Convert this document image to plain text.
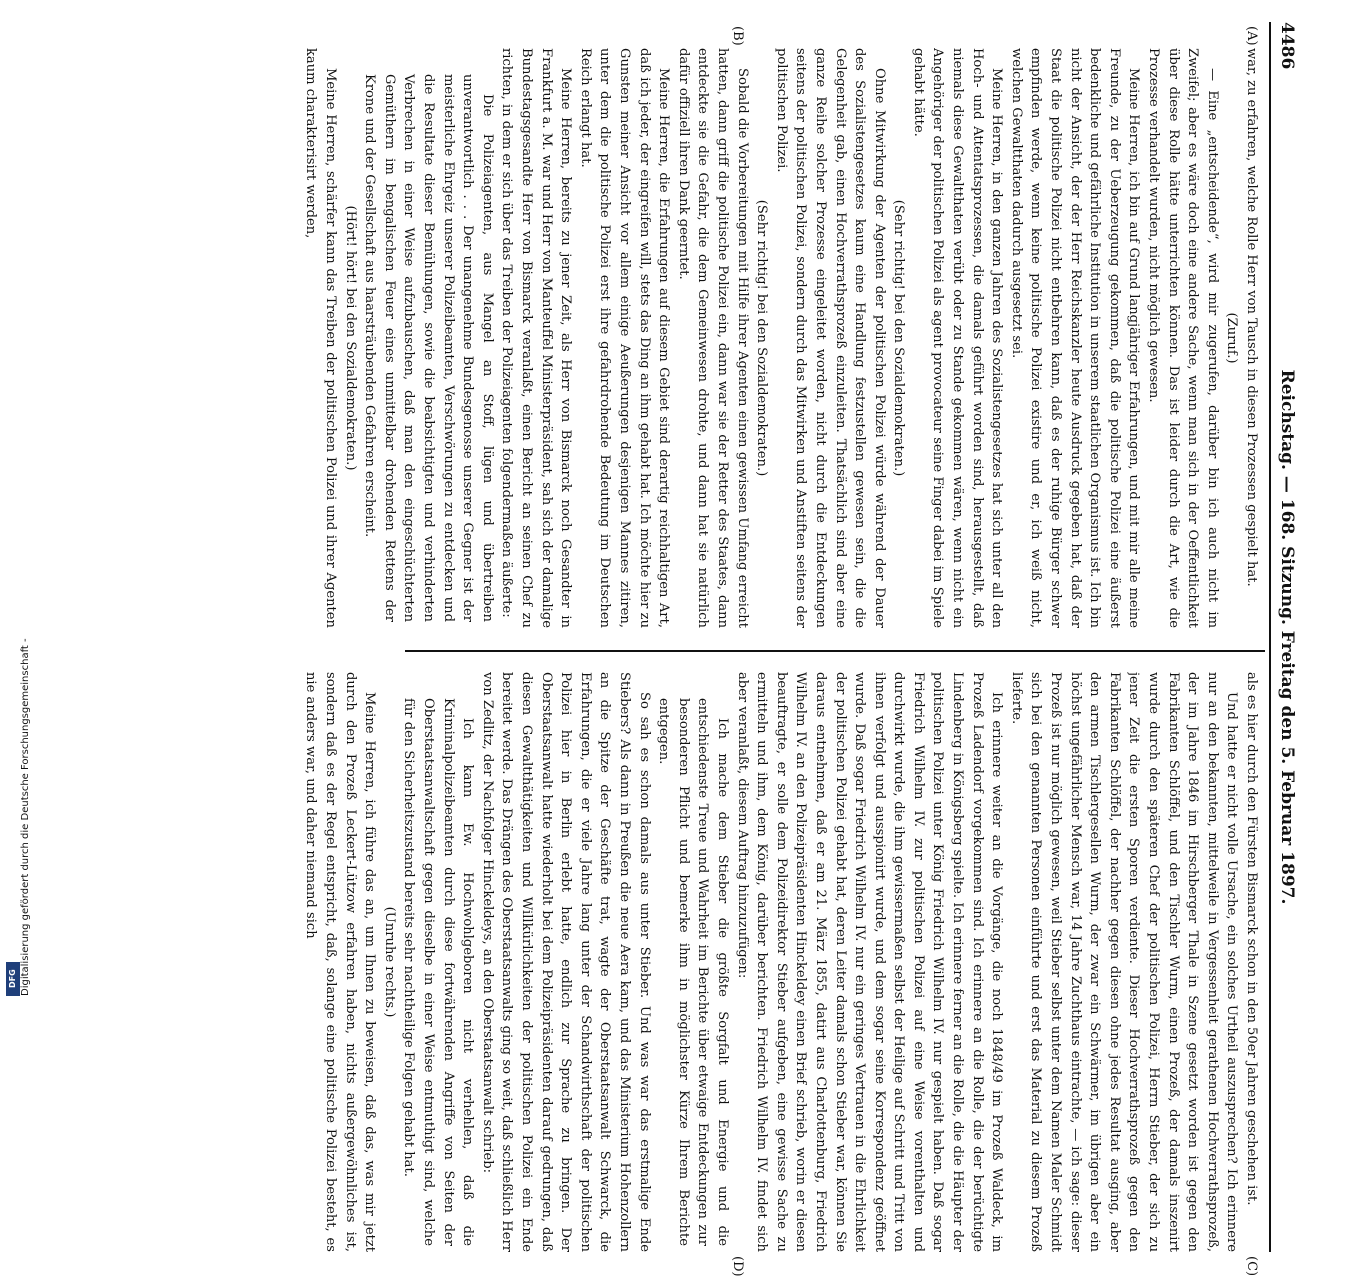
4486
Reichstag. — 168. Sitzung. Freitag den 5. Februar 1897.
(A)
(B)
(C)
(D)

war, zu erfahren, welche Rolle Herr von Tausch in diesen Prozessen gespielt hat.

(Zuruf.)

— Eine „entscheidende“, wird mir zugerufen, darüber bin ich auch nicht im Zweifel; aber es wäre doch eine andere Sache, wenn man sich in der Oeffentlichkeit über diese Rolle hätte unterrichten können. Das ist leider durch die Art, wie die Prozesse verhandelt wurden, nicht möglich gewesen.

Meine Herren, ich bin auf Grund langjähriger Erfahrungen, und mit mir alle meine Freunde, zu der Ueberzeugung gekommen, daß die politische Polizei eine äußerst bedenkliche und gefährliche Institution in unserem staatlichen Organismus ist. Ich bin nicht der Ansicht, der der Herr Reichskanzler heute Ausdruck gegeben hat, daß der Staat die politische Polizei nicht entbehren kann, daß es der ruhige Bürger schwer empfinden werde, wenn keine politische Polizei existire und er, ich weiß nicht, welchen Gewaltthaten dadurch ausgesetzt sei.

Meine Herren, in den ganzen Jahren des Sozialistengesetzes hat sich unter all den Hoch- und Attentatsprozessen, die damals geführt worden sind, herausgestellt, daß niemals diese Gewaltthaten verübt oder zu Stande gekommen wären, wenn nicht ein Angehöriger der politischen Polizei als agent provocateur seine Finger dabei im Spiele gehabt hätte.

(Sehr richtig! bei den Sozialdemokraten.)

Ohne Mitwirkung der Agenten der politischen Polizei würde während der Dauer des Sozialistengesetzes kaum eine Handlung festzustellen gewesen sein, die die Gelegenheit gab, einen Hochverrathsprozeß einzuleiten. Thatsächlich sind aber eine ganze Reihe solcher Prozesse eingeleitet worden, nicht durch die Entdeckungen seitens der politischen Polizei, sondern durch das Mitwirken und Anstiften seitens der politischen Polizei.

(Sehr richtig! bei den Sozialdemokraten.)

Sobald die Vorbereitungen mit Hilfe ihrer Agenten einen gewissen Umfang erreicht hatten, dann griff die politische Polizei ein, dann war sie der Retter des Staates, dann entdeckte sie die Gefahr, die dem Gemeinwesen drohte, und dann hat sie natürlich dafür offiziell ihren Dank geerntet.

Meine Herren, die Erfahrungen auf diesem Gebiet sind derartig reichhaltigen Art, daß ich jeder, der eingreifen will, stets das Ding an ihm gehabt hat. Ich möchte hier zu Gunsten meiner Ansicht vor allem einige Aeußerungen desjenigen Mannes zitiren, unter dem die politische Polizei erst ihre gefahrdrohende Bedeutung im Deutschen Reich erlangt hat.

Meine Herren, bereits zu jener Zeit, als Herr von Bismarck noch Gesandter in Frankfurt a. M. war und Herr von Manteuffel Ministerpräsident, sah sich der damalige Bundestagsgesandte Herr von Bismarck veranlaßt, einen Bericht an seinen Chef zu richten, in dem er sich über das Treiben der Polizeiagenten folgendermaßen äußerte:

Die Polizeiagenten, aus Mangel an Stoff, lügen und übertreiben unverantwortlich . . . Der unangenehme Bundesgenosse unserer Gegner ist der meisterliche Ehrgeiz unserer Polizeibeamten, Verschwörungen zu entdecken und die Resultate dieser Bemühungen, sowie die beabsichtigten und verhinderten Verbrechen in einer Weise aufzubauschen, daß man den eingeschüchterten Gemüthern im bengalischen Feuer eines unmittelbar drohenden Rettens der Krone und der Gesellschaft aus haarsträubenden Gefahren erscheint.

(Hört! hört! bei den Sozialdemokraten.)

Meine Herren, schärfer kann das Treiben der politischen Polizei und ihrer Agenten kaum charakterisirt werden,

als es hier durch den Fürsten Bismarck schon in den 50er Jahren geschehen ist.

Und hatte er nicht volle Ursache, ein solches Urtheil auszusprechen? Ich erinnere nur an den bekannten, mittelweile in Vergessenheit gerathenen Hochverrathsprozeß, der im Jahre 1846 im Hirschberger Thale in Szene gesetzt worden ist gegen den Fabrikanten Schlöffel, und den Tischler Wurm, einen Prozeß, der damals inszenirt wurde durch den späteren Chef der politischen Polizei, Herrn Stieber, der sich zu jener Zeit die ersten Sporen verdiente. Dieser Hochverrathsprozeß gegen den Fabrikanten Schlöffel, der nachher gegen diesen ohne jedes Resultat ausging, aber den armen Tischlergesellen Wurm, der zwar ein Schwärmer, im übrigen aber ein höchst ungefährlicher Mensch war, 14 Jahre Zuchthaus eintrachte, — ich sage: dieser Prozeß ist nur möglich gewesen, weil Stieber selbst unter dem Namen Maler Schmidt sich bei den genannten Personen einführte und erst das Material zu diesem Prozeß lieferte.

Ich erinnere weiter an die Vorgänge, die noch 1848/49 im Prozeß Waldeck, im Prozeß Ladendorf vorgekommen sind. Ich erinnere an die Rolle, die der berüchtigte Lindenberg in Königsberg spielte. Ich erinnere ferner an die Rolle, die die Häupter der politischen Polizei unter König Friedrich Wilhelm IV. nur gespielt haben. Daß sogar Friedrich Wilhelm IV. zur politischen Polizei auf eine Weise vorenthalten und durchwirkt wurde, die ihm gewissermaßen selbst der Heilige auf Schritt und Tritt von ihnen verfolgt und ausspionirt wurde, und dem sogar seine Korrespondenz geöffnet wurde. Daß sogar Friedrich Wilhelm IV. nur ein geringes Vertrauen in die Ehrlichkeit der politischen Polizei gehabt hat, deren Leiter damals schon Stieber war, können Sie daraus entnehmen, daß er am 21. März 1855, datirt aus Charlottenburg, Friedrich Wilhelm IV. an den Polizeipräsidenten Hinckeldey einen Brief schrieb, worin er diesen beauftragte, er solle dem Polizeidirektor Stieber aufgeben, eine gewisse Sache zu ermitteln und ihm, dem König, darüber berichten. Friedrich Wilhelm IV. findet sich aber veranlaßt, diesem Auftrag hinzuzufügen:

Ich mache dem Stieber die größte Sorgfalt und Energie und die entschiedenste Treue und Wahrheit im Berichte über etwaige Entdeckungen zur besonderen Pflicht und bemerke ihm in möglichster Kürze Ihrem Berichte entgegen.

So sah es schon damals aus unter Stieber. Und was war das erstmalige Ende Stiebers? Als dann in Preußen die neue Aera kam, und das Ministerium Hohenzollern an die Spitze der Geschäfte trat, wagte der Oberstaatsanwalt Schwarck, die Erfahrungen, die er viele Jahre lang unter der Schandwirthschaft der politischen Polizei hier in Berlin erlebt hatte, endlich zur Sprache zu bringen. Der Oberstaatsanwalt hatte wiederholt bei dem Polizeipräsidenten darauf gedrungen, daß diesen Gewaltthätigkeiten und Willkürlichkeiten der politischen Polizei ein Ende bereitet werde. Das Drängen des Oberstaatsanwalts ging so weit, daß schließlich Herr von Zedlitz, der Nachfolger Hinckeldeys, an den Oberstaatsanwalt schrieb:

Ich kann Ew. Hochwohlgeboren nicht verhehlen, daß die Kriminalpolizeibeamten durch diese fortwährenden Angriffe von Seiten der Oberstaatsanwaltschaft gegen dieselbe in einer Weise entmuthigt sind, welche für den Sicherheitszustand bereits sehr nachtheilige Folgen gehabt hat.

(Unruhe rechts.)

Meine Herren, ich führe das an, um Ihnen zu beweisen, daß das, was mir jetzt durch den Prozeß Leckert-Lützow erfahren haben, nichts außergewöhnliches ist, sondern daß es der Regel entspricht, daß, solange eine politische Polizei besteht, es nie anders war, und daher niemand sich

DFG Digitalisierung gefördert durch die Deutsche Forschungsgemeinschaft -
